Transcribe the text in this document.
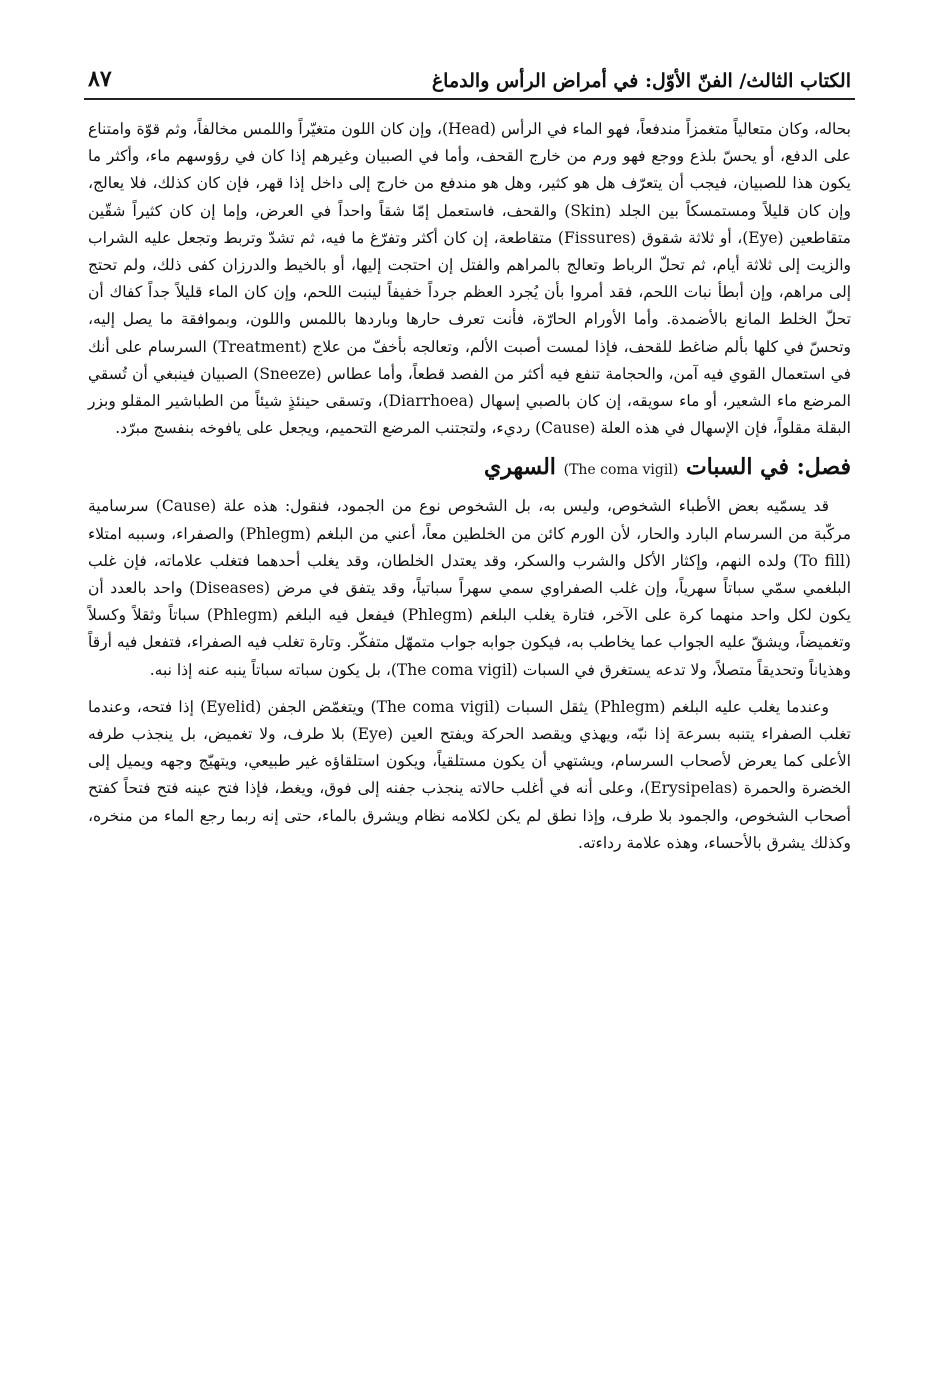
الكتاب الثالث/ الفنّ الأوّل: في أمراض الرأس والدماغ
٨٧

بحاله، وكان متعالياً متغمزاً مندفعاً، فهو الماء في الرأس (Head)، وإن كان اللون متغيّراً واللمس مخالفاً، وثم قوّة وامتناع على الدفع، أو يحسّ بلذع ووجع فهو ورم من خارج القحف، وأما في الصبيان وغيرهم إذا كان في رؤوسهم ماء، وأكثر ما يكون هذا للصبيان، فيجب أن يتعرّف هل هو كثير، وهل هو مندفع من خارج إلى داخل إذا قهر، فإن كان كذلك، فلا يعالج، وإن كان قليلاً ومستمسكاً بين الجلد (Skin) والقحف، فاستعمل إمّا شقاً واحداً في العرض، وإما إن كان كثيراً شقّين متقاطعين (Eye)، أو ثلاثة شقوق (Fissures) متقاطعة، إن كان أكثر وتفرّغ ما فيه، ثم تشدّ وتربط وتجعل عليه الشراب والزيت إلى ثلاثة أيام، ثم تحلّ الرباط وتعالج بالمراهم والفتل إن احتجت إليها، أو بالخيط والدرزان كفى ذلك، ولم تحتج إلى مراهم، وإن أبطأ نبات اللحم، فقد أمروا بأن يُجرد العظم جرداً خفيفاً لينبت اللحم، وإن كان الماء قليلاً جداً كفاك أن تحلّ الخلط المانع بالأضمدة. وأما الأورام الحارّة، فأنت تعرف حارها وباردها باللمس واللون، وبموافقة ما يصل إليه، وتحسّ في كلها بألم ضاغط للقحف، فإذا لمست أصبت الألم، وتعالجه بأخفّ من علاج (Treatment) السرسام على أنك في استعمال القوي فيه آمن، والحجامة تنفع فيه أكثر من الفصد قطعاً، وأما عطاس (Sneeze) الصبيان فينبغي أن تُسقي المرضع ماء الشعير، أو ماء سويقه، إن كان بالصبي إسهال (Diarrhoea)، وتسقى حينئذٍ شيئاً من الطباشير المقلو وبزر البقلة مقلواً، فإن الإسهال في هذه العلة (Cause) رديء، ولتجتنب المرضع التحميم، ويجعل على يافوخه بنفسج مبرّد.

فصل: في السبات (The coma vigil) السهري

قد يسمّيه بعض الأطباء الشخوص، وليس به، بل الشخوص نوع من الجمود، فنقول: هذه علة (Cause) سرسامية مركّبة من السرسام البارد والحار، لأن الورم كائن من الخلطين معاً، أعني من البلغم (Phlegm) والصفراء، وسببه امتلاء (To fill) ولده النهم، وإكثار الأكل والشرب والسكر، وقد يعتدل الخلطان، وقد يغلب أحدهما فتغلب علاماته، فإن غلب البلغمي سمّي سباتاً سهرياً، وإن غلب الصفراوي سمي سهراً سباتياً، وقد يتفق في مرض (Diseases) واحد بالعدد أن يكون لكل واحد منهما كرة على الآخر، فتارة يغلب البلغم (Phlegm) فيفعل فيه البلغم (Phlegm) سباتاً وثقلاً وكسلاً وتغميضاً، ويشقّ عليه الجواب عما يخاطب به، فيكون جوابه جواب متمهّل متفكّر. وتارة تغلب فيه الصفراء، فتفعل فيه أرقاً وهذياناً وتحديقاً متصلاً، ولا تدعه يستغرق في السبات (The coma vigil)، بل يكون سباته سباتاً ينبه عنه إذا نبه.

وعندما يغلب عليه البلغم (Phlegm) يثقل السبات (The coma vigil) ويتغمّض الجفن (Eyelid) إذا فتحه، وعندما تغلب الصفراء يتنبه بسرعة إذا نبّه، ويهذي ويقصد الحركة ويفتح العين (Eye) بلا طرف، ولا تغميض، بل ينجذب طرفه الأعلى كما يعرض لأصحاب السرسام، ويشتهي أن يكون مستلقياً، ويكون استلقاؤه غير طبيعي، ويتهيّج وجهه ويميل إلى الخضرة والحمرة (Erysipelas)، وعلى أنه في أغلب حالاته ينجذب جفنه إلى فوق، ويغط، فإذا فتح عينه فتح فتحاً كفتح أصحاب الشخوص، والجمود بلا طرف، وإذا نطق لم يكن لكلامه نظام ويشرق بالماء، حتى إنه ربما رجع الماء من منخره، وكذلك يشرق بالأحساء، وهذه علامة رداءته.
